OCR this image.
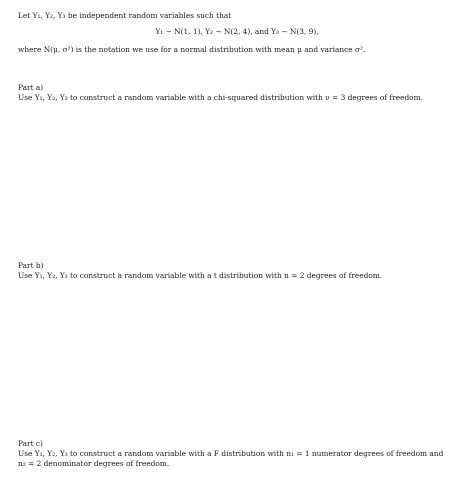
Let Y₁, Y₂, Y₃ be independent random variables such that
Y₁ ∼ N(1, 1), Y₂ ∼ N(2, 4), and Y₃ ∼ N(3, 9),
where N(μ, σ²) is the notation we use for a normal distribution with mean μ and variance σ².
Part a)
Use Y₁, Y₂, Y₃ to construct a random variable with a chi-squared distribution with ν = 3 degrees of freedom.
Part b)
Use Y₁, Y₂, Y₃ to construct a random variable with a t distribution with n = 2 degrees of freedom.
Part c)
Use Y₁, Y₂, Y₃ to construct a random variable with a F distribution with n₁ = 1 numerator degrees of freedom and
n₂ = 2 denominator degrees of freedom.
